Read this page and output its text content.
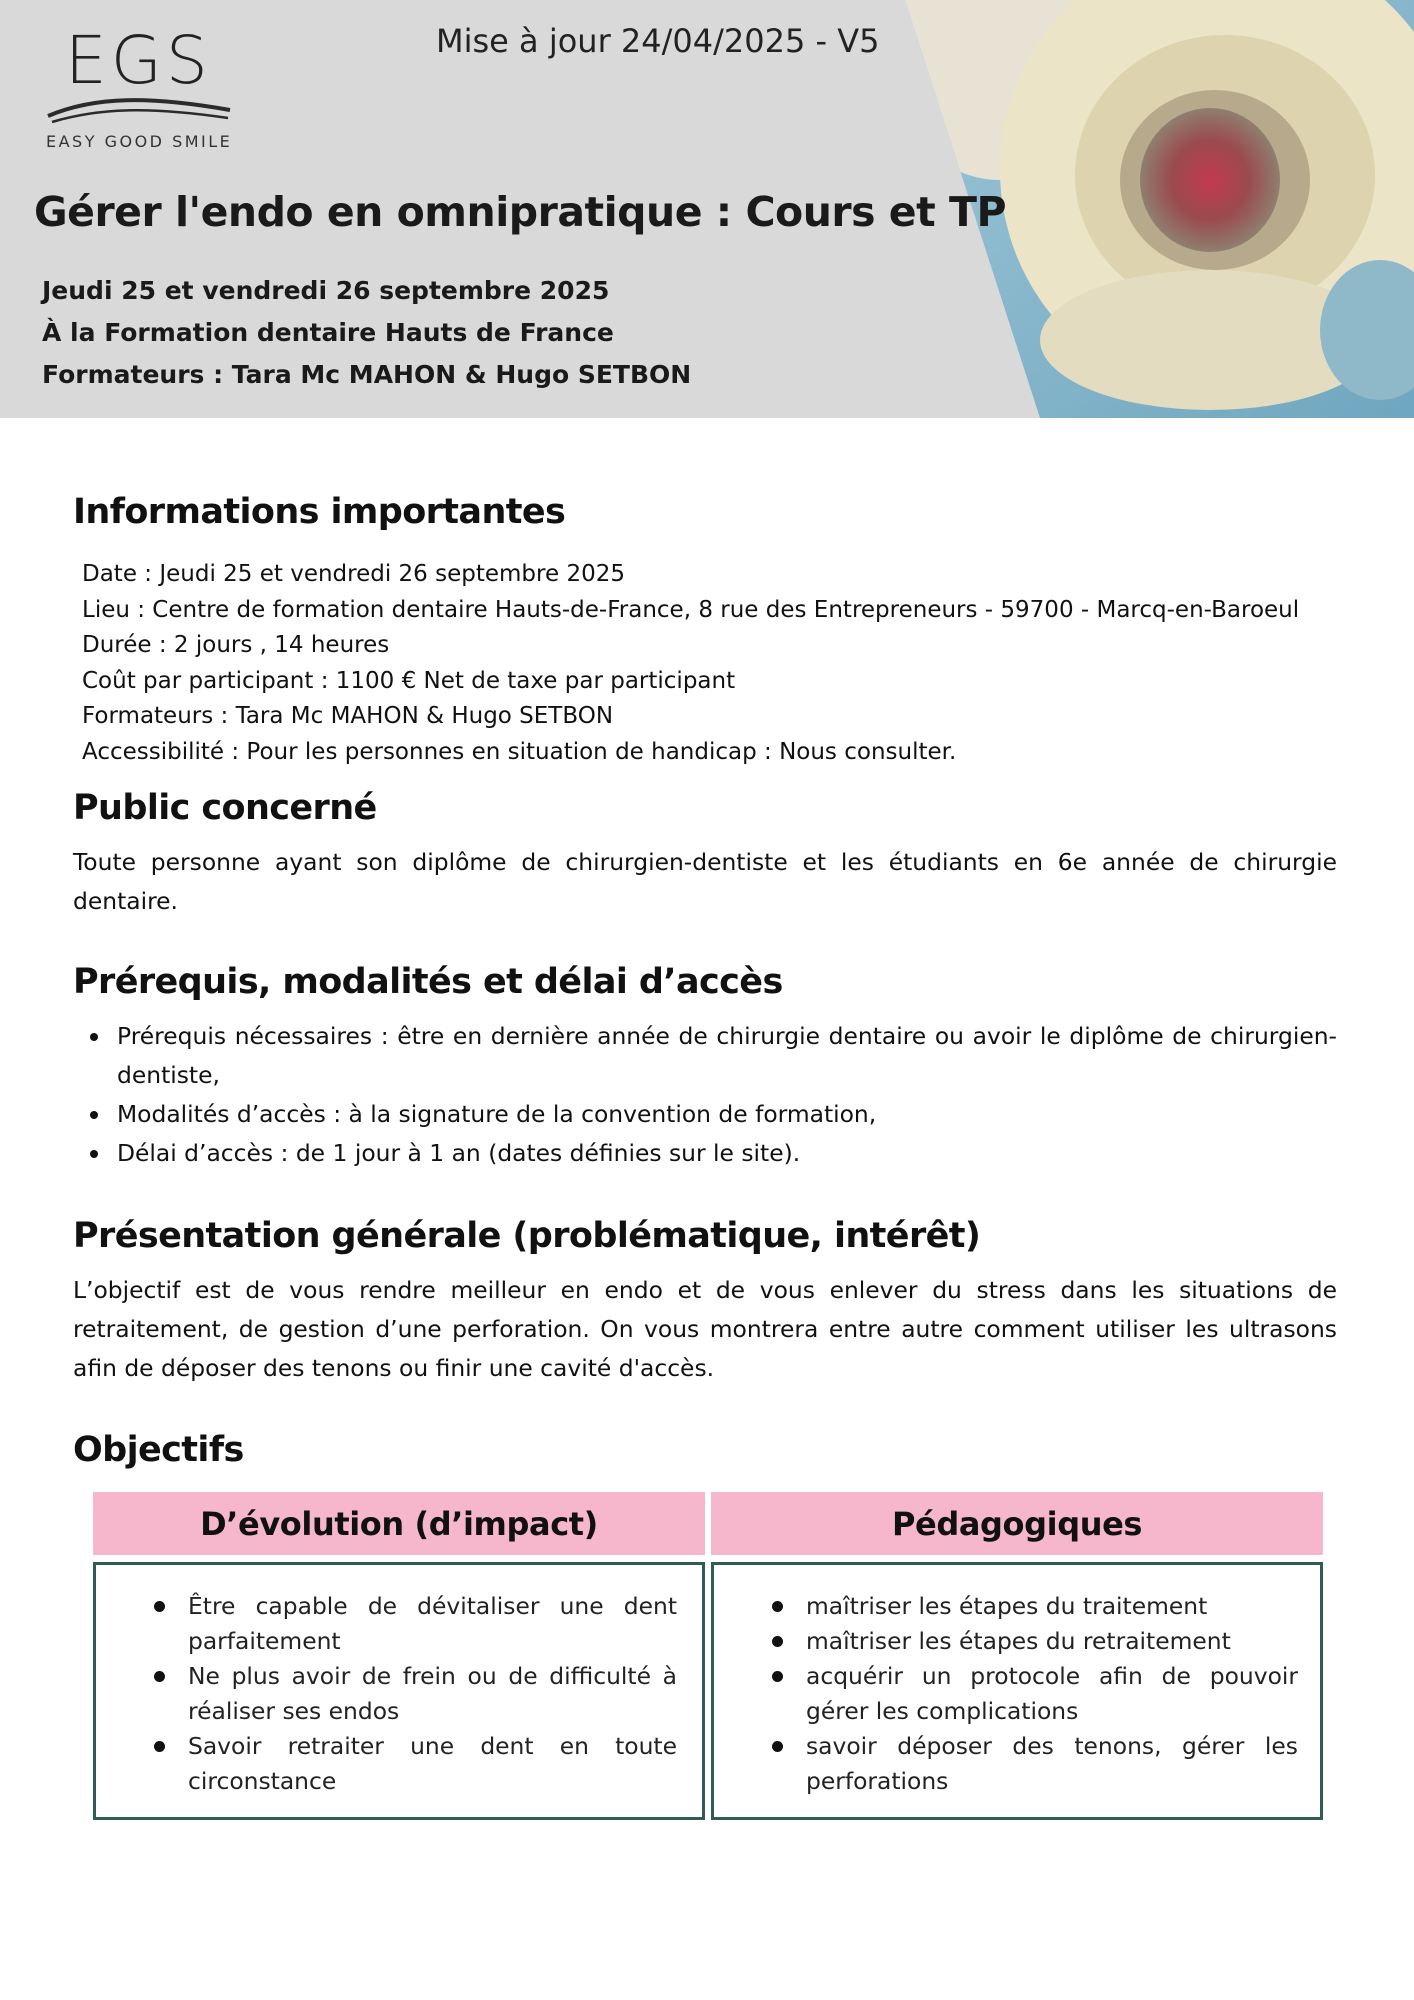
EGS
EASY GOOD SMILE
Mise à jour 24/04/2025 - V5
Gérer l'endo en omnipratique : Cours et TP
Jeudi 25 et vendredi 26 septembre 2025
À la Formation dentaire Hauts de France
Formateurs : Tara Mc MAHON & Hugo SETBON
Informations importantes
Date : Jeudi 25 et vendredi 26 septembre 2025
Lieu : Centre de formation dentaire Hauts-de-France, 8 rue des Entrepreneurs - 59700 - Marcq-en-Baroeul
Durée : 2 jours , 14 heures
Coût par participant : 1100 € Net de taxe par participant
Formateurs : Tara Mc MAHON & Hugo SETBON
Accessibilité : Pour les personnes en situation de handicap : Nous consulter.
Public concerné
Toute personne ayant son diplôme de chirurgien-dentiste et les étudiants en 6e année de chirurgie dentaire.
Prérequis, modalités et délai d’accès
Prérequis nécessaires : être en dernière année de chirurgie dentaire ou avoir le diplôme de chirurgien-dentiste,
Modalités d’accès : à la signature de la convention de formation,
Délai d’accès : de 1 jour à 1 an (dates définies sur le site).
Présentation générale (problématique, intérêt)
L’objectif est de vous rendre meilleur en endo et de vous enlever du stress dans les situations de retraitement, de gestion d’une perforation. On vous montrera entre autre comment utiliser les ultrasons afin de déposer des tenons ou finir une cavité d'accès.
Objectifs
D’évolution (d’impact)	Pédagogiques
Être capable de dévitaliser une dent parfaitement
Ne plus avoir de frein ou de difficulté à réaliser ses endos
Savoir retraiter une dent en toute circonstance
maîtriser les étapes du traitement
maîtriser les étapes du retraitement
acquérir un protocole afin de pouvoir gérer les complications
savoir déposer des tenons, gérer les perforations
